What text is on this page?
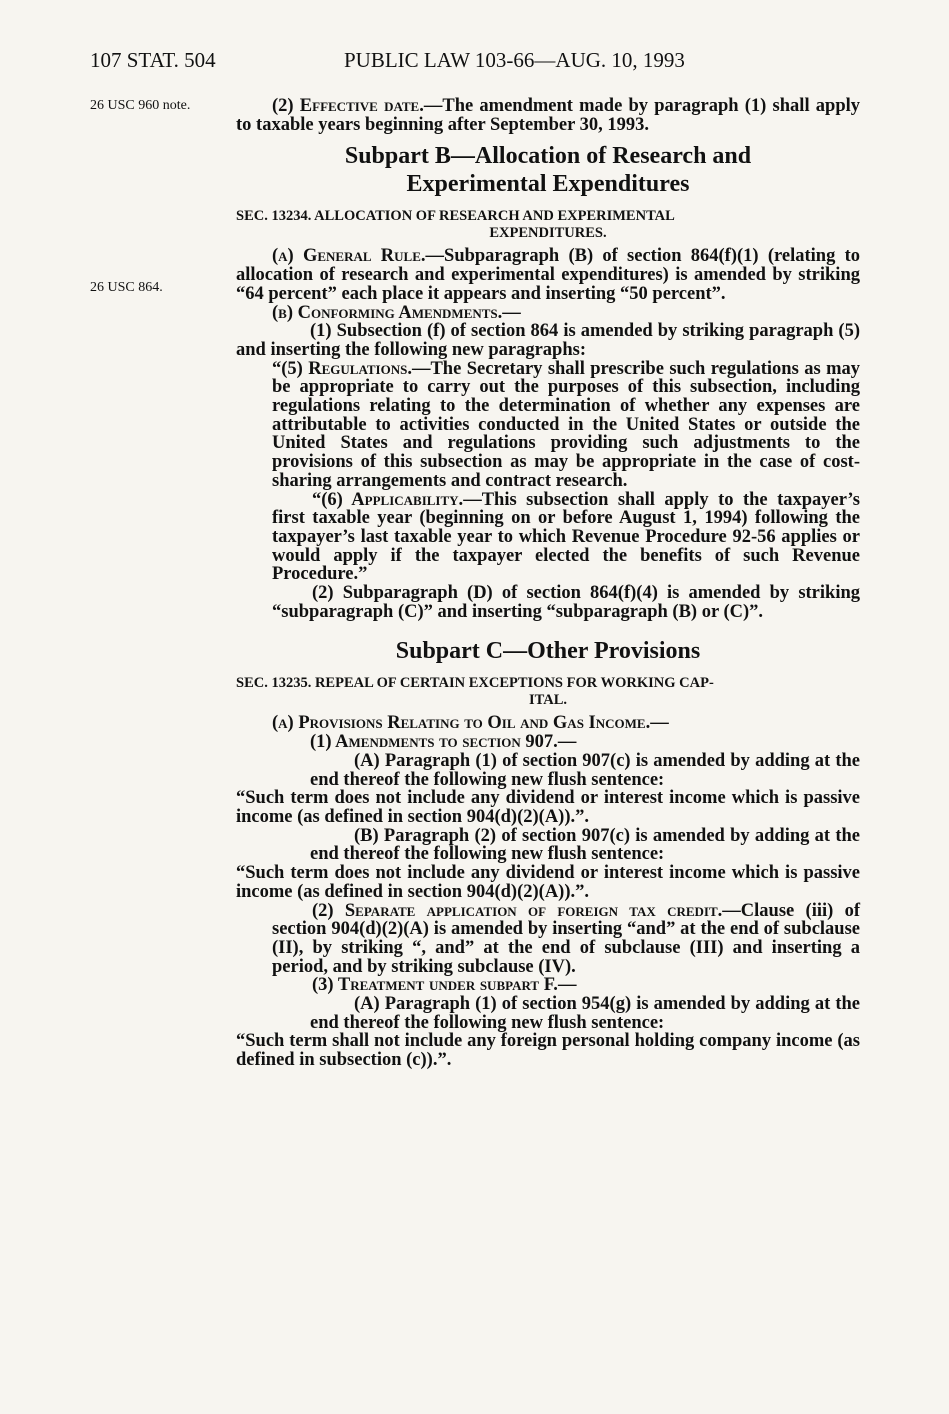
107 STAT. 504	PUBLIC LAW 103-66—AUG. 10, 1993
26 USC 960 note.
26 USC 864.

(2) Effective date.—The amendment made by paragraph (1) shall apply to taxable years beginning after September 30, 1993.

Subpart B—Allocation of Research and
Experimental Expenditures
SEC. 13234. ALLOCATION OF RESEARCH AND EXPERIMENTAL
EXPENDITURES.

(a) General Rule.—Subparagraph (B) of section 864(f)(1) (relating to allocation of research and experimental expenditures) is amended by striking “64 percent” each place it appears and inserting “50 percent”.

(b) Conforming Amendments.—

(1) Subsection (f) of section 864 is amended by striking paragraph (5) and inserting the following new paragraphs:

“(5) Regulations.—The Secretary shall prescribe such regulations as may be appropriate to carry out the purposes of this subsection, including regulations relating to the determination of whether any expenses are attributable to activities conducted in the United States or outside the United States and regulations providing such adjustments to the provisions of this subsection as may be appropriate in the case of cost-sharing arrangements and contract research.

“(6) Applicability.—This subsection shall apply to the taxpayer’s first taxable year (beginning on or before August 1, 1994) following the taxpayer’s last taxable year to which Revenue Procedure 92-56 applies or would apply if the taxpayer elected the benefits of such Revenue Procedure.”

(2) Subparagraph (D) of section 864(f)(4) is amended by striking “subparagraph (C)” and inserting “subparagraph (B) or (C)”.

Subpart C—Other Provisions
SEC. 13235. REPEAL OF CERTAIN EXCEPTIONS FOR WORKING CAP-
ITAL.

(a) Provisions Relating to Oil and Gas Income.—

(1) Amendments to section 907.—

(A) Paragraph (1) of section 907(c) is amended by adding at the end thereof the following new flush sentence:

“Such term does not include any dividend or interest income which is passive income (as defined in section 904(d)(2)(A)).”.

(B) Paragraph (2) of section 907(c) is amended by adding at the end thereof the following new flush sentence:

“Such term does not include any dividend or interest income which is passive income (as defined in section 904(d)(2)(A)).”.

(2) Separate application of foreign tax credit.—Clause (iii) of section 904(d)(2)(A) is amended by inserting “and” at the end of subclause (II), by striking “, and” at the end of subclause (III) and inserting a period, and by striking subclause (IV).

(3) Treatment under subpart F.—

(A) Paragraph (1) of section 954(g) is amended by adding at the end thereof the following new flush sentence:

“Such term shall not include any foreign personal holding company income (as defined in subsection (c)).”.
